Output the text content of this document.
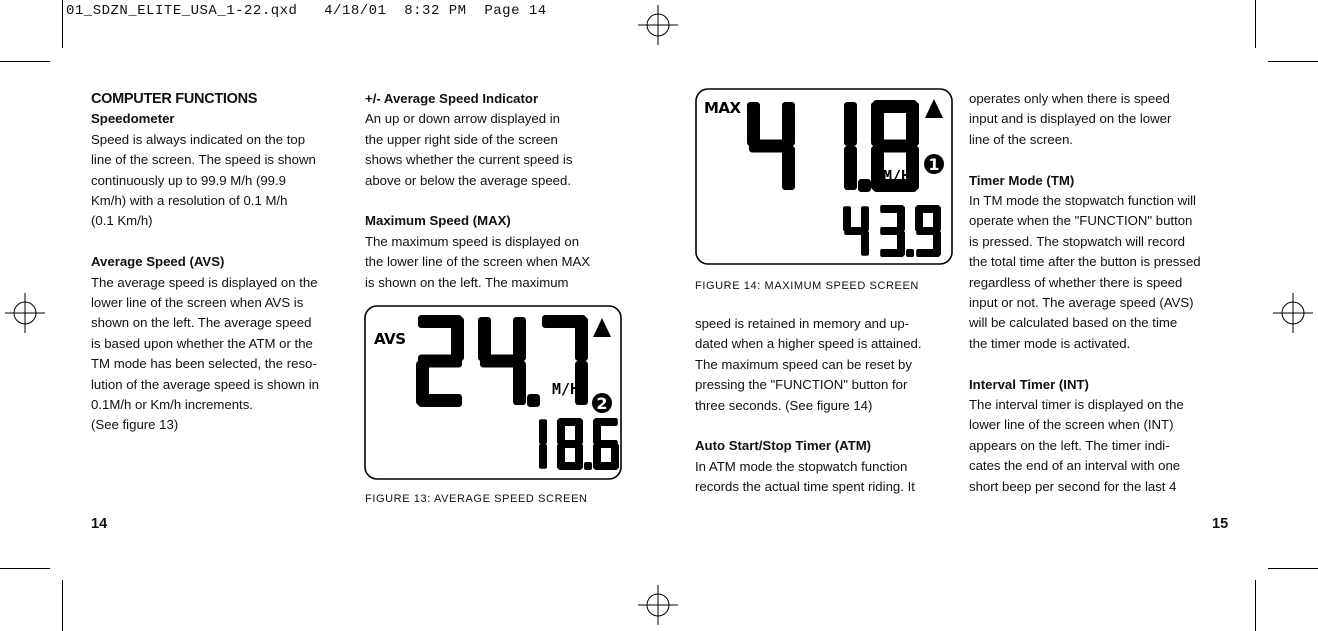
01_SDZN_ELITE_USA_1-22.qxd   4/18/01  8:32 PM  Page 14

COMPUTER FUNCTIONS

Speedometer

Speed is always indicated on the top

line of the screen. The speed is shown

continuously up to 99.9 M/h (99.9

Km/h) with a resolution of 0.1 M/h

(0.1 Km/h)

Average Speed (AVS)

The average speed is displayed on the

lower line of the screen when AVS is

shown on the left. The average speed

is based upon whether the ATM or the

TM mode has been selected, the reso-

lution of the average speed is shown in

0.1M/h or Km/h increments.

(See figure 13)

+/- Average Speed Indicator

An up or down arrow displayed in

the upper right side of the screen

shows whether the current speed is

above or below the average speed.

Maximum Speed (MAX)

The maximum speed is displayed on

the lower line of the screen when MAX

is shown on the left. The maximum

AVS
M/H
2
FIGURE 13: AVERAGE SPEED SCREEN
14
MAX
M/H
1
FIGURE 14: MAXIMUM SPEED SCREEN

speed is retained in memory and up-

dated when a higher speed is attained.

The maximum speed can be reset by

pressing the "FUNCTION" button for

three seconds. (See figure 14)

Auto Start/Stop Timer (ATM)

In ATM mode the stopwatch function

records the actual time spent riding. It

operates only when there is speed

input and is displayed on the lower

line of the screen.

Timer Mode (TM)

In TM mode the stopwatch function will

operate when the "FUNCTION" button

is pressed. The stopwatch will record

the total time after the button is pressed

regardless of whether there is speed

input or not. The average speed (AVS)

will be calculated based on the time

the timer mode is activated.

Interval Timer (INT)

The interval timer is displayed on the

lower line of the screen when (INT)

appears on the left. The timer indi-

cates the end of an interval with one

short beep per second for the last 4

15
